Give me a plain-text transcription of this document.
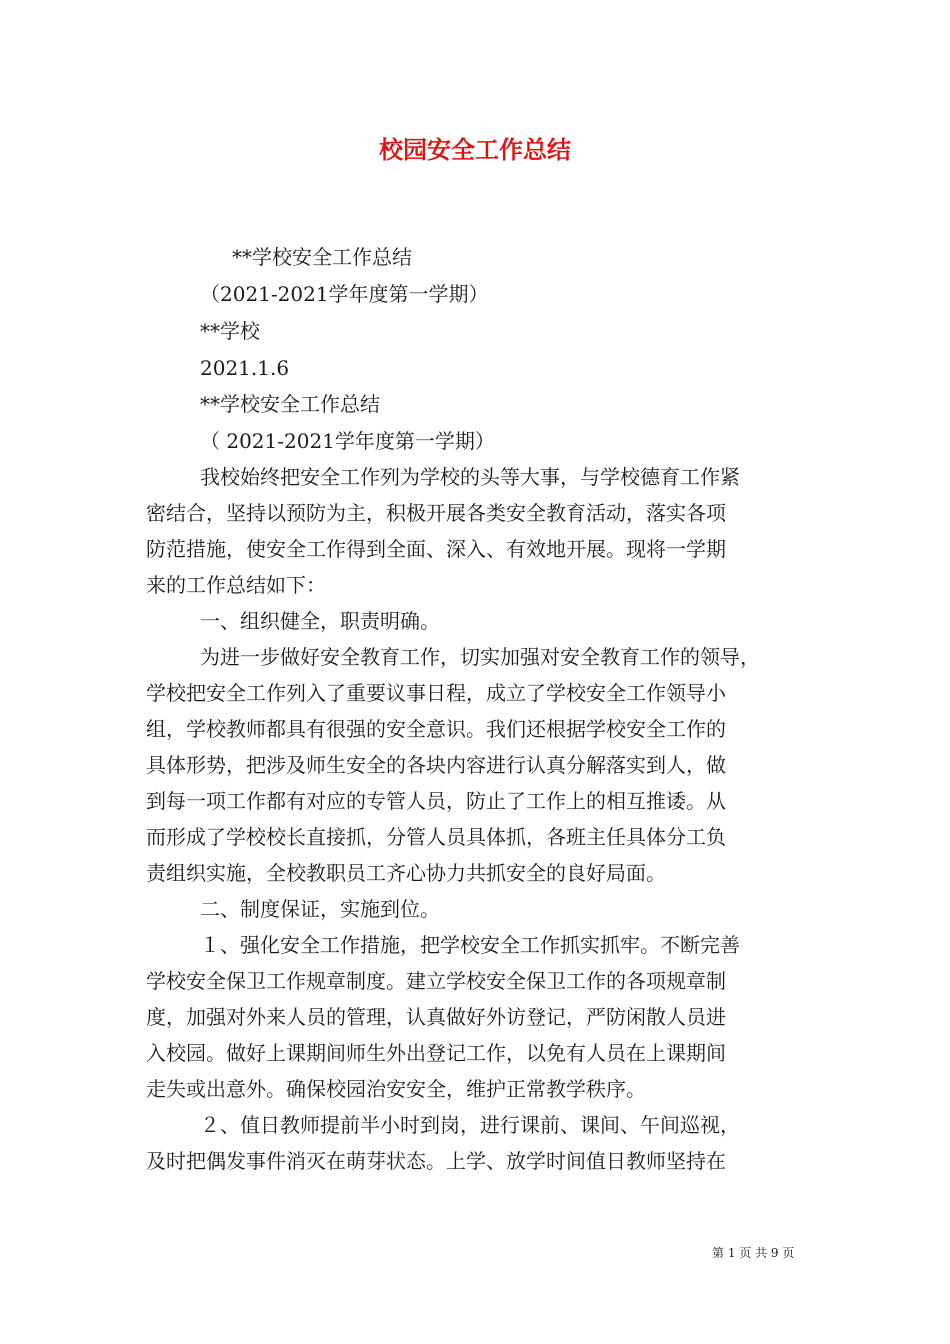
校园安全工作总结
**学校安全工作总结
（2021-2021学年度第一学期）
**学校
2021.1.6
**学校安全工作总结
（ 2021-2021学年度第一学期）
我校始终把安全工作列为学校的头等大事，与学校德育工作紧
密结合，坚持以预防为主，积极开展各类安全教育活动，落实各项
防范措施，使安全工作得到全面、深入、有效地开展。现将一学期
来的工作总结如下：
一、组织健全，职责明确。
为进一步做好安全教育工作，切实加强对安全教育工作的领导，
学校把安全工作列入了重要议事日程，成立了学校安全工作领导小
组，学校教师都具有很强的安全意识。我们还根据学校安全工作的
具体形势，把涉及师生安全的各块内容进行认真分解落实到人，做
到每一项工作都有对应的专管人员，防止了工作上的相互推诿。从
而形成了学校校长直接抓，分管人员具体抓，各班主任具体分工负
责组织实施，全校教职员工齐心协力共抓安全的良好局面。
二、制度保证，实施到位。
１、强化安全工作措施，把学校安全工作抓实抓牢。不断完善
学校安全保卫工作规章制度。建立学校安全保卫工作的各项规章制
度，加强对外来人员的管理，认真做好外访登记，严防闲散人员进
入校园。做好上课期间师生外出登记工作，以免有人员在上课期间
走失或出意外。确保校园治安安全，维护正常教学秩序。
２、值日教师提前半小时到岗，进行课前、课间、午间巡视，
及时把偶发事件消灭在萌芽状态。上学、放学时间值日教师坚持在
第 1 页 共 9 页
